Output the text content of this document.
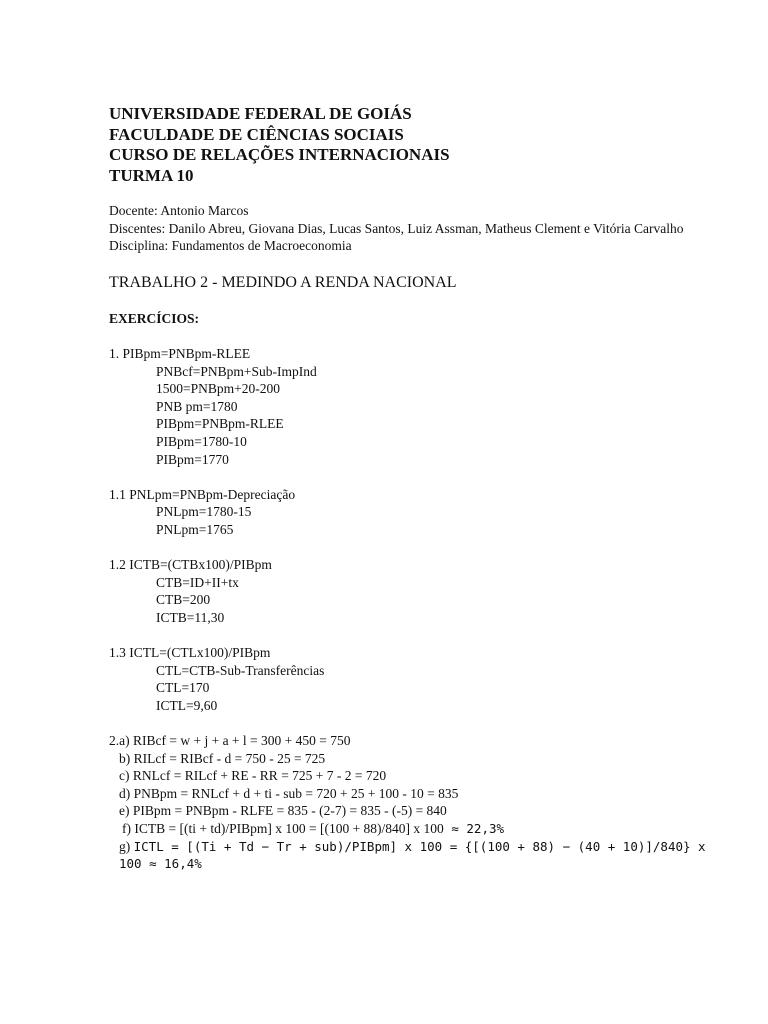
UNIVERSIDADE FEDERAL DE GOIÁS

FACULDADE DE CIÊNCIAS SOCIAIS

CURSO DE RELAÇÕES INTERNACIONAIS

TURMA 10

Docente: Antonio Marcos
Discentes: Danilo Abreu, Giovana Dias, Lucas Santos, Luiz Assman, Matheus Clement e Vitória Carvalho
Disciplina: Fundamentos de Macroeconomia
TRABALHO 2 - MEDINDO A RENDA NACIONAL
EXERCÍCIOS:
1. PIBpm=PNBpm-RLEE
PNBcf=PNBpm+Sub-ImpInd
1500=PNBpm+20-200
PNB pm=1780
PIBpm=PNBpm-RLEE
PIBpm=1780-10
PIBpm=1770
1.1 PNLpm=PNBpm-Depreciação
PNLpm=1780-15
PNLpm=1765
1.2 ICTB=(CTBx100)/PIBpm
CTB=ID+II+tx
CTB=200
ICTB=11,30
1.3 ICTL=(CTLx100)/PIBpm
CTL=CTB-Sub-Transferências
CTL=170
ICTL=9,60
2.a) RIBcf = w + j + a + l = 300 + 450 = 750
b) RILcf = RIBcf - d = 750 - 25 = 725
c) RNLcf = RILcf + RE - RR = 725 + 7 - 2 = 720
d) PNBpm = RNLcf + d + ti - sub = 720 + 25 + 100 - 10 = 835
e) PIBpm = PNBpm - RLFE = 835 - (2-7) = 835 - (-5) = 840
f) ICTB = [(ti + td)/PIBpm] x 100 = [(100 + 88)/840] x 100 ≈ 22,3%
g) ICTL = [(Ti + Td − Tr + sub)/PIBpm] x 100 = {[(100 + 88) − (40 + 10)]/840} x 100 ≈ 16,4%
